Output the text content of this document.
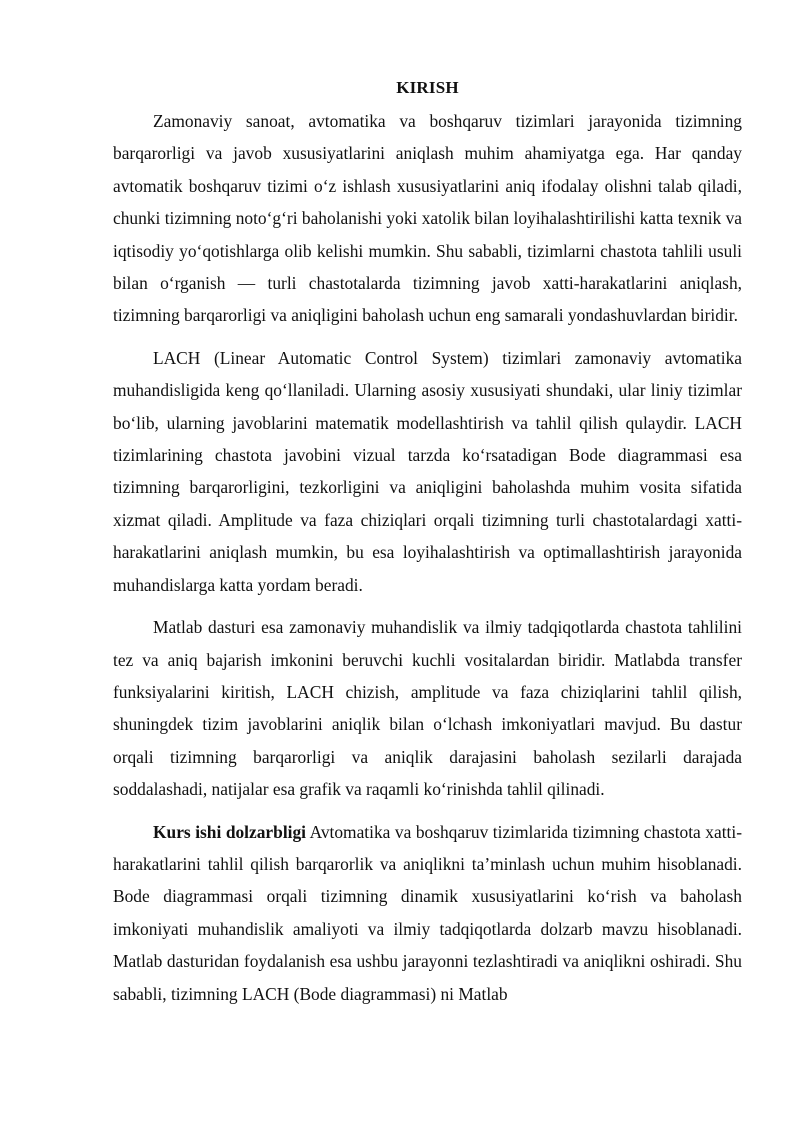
KIRISH

Zamonaviy sanoat, avtomatika va boshqaruv tizimlari jarayonida tizimning barqarorligi va javob xususiyatlarini aniqlash muhim ahamiyatga ega. Har qanday avtomatik boshqaruv tizimi o‘z ishlash xususiyatlarini aniq ifodalay olishni talab qiladi, chunki tizimning noto‘g‘ri baholanishi yoki xatolik bilan loyihalashtirilishi katta texnik va iqtisodiy yo‘qotishlarga olib kelishi mumkin. Shu sababli, tizimlarni chastota tahlili usuli bilan o‘rganish — turli chastotalarda tizimning javob xatti-harakatlarini aniqlash, tizimning barqarorligi va aniqligini baholash uchun eng samarali yondashuvlardan biridir.

LACH (Linear Automatic Control System) tizimlari zamonaviy avtomatika muhandisligida keng qo‘llaniladi. Ularning asosiy xususiyati shundaki, ular liniy tizimlar bo‘lib, ularning javoblarini matematik modellashtirish va tahlil qilish qulaydir. LACH tizimlarining chastota javobini vizual tarzda ko‘rsatadigan Bode diagrammasi esa tizimning barqarorligini, tezkorligini va aniqligini baholashda muhim vosita sifatida xizmat qiladi. Amplitude va faza chiziqlari orqali tizimning turli chastotalardagi xatti-harakatlarini aniqlash mumkin, bu esa loyihalashtirish va optimallashtirish jarayonida muhandislarga katta yordam beradi.

Matlab dasturi esa zamonaviy muhandislik va ilmiy tadqiqotlarda chastota tahlilini tez va aniq bajarish imkonini beruvchi kuchli vositalardan biridir. Matlabda transfer funksiyalarini kiritish, LACH chizish, amplitude va faza chiziqlarini tahlil qilish, shuningdek tizim javoblarini aniqlik bilan o‘lchash imkoniyatlari mavjud. Bu dastur orqali tizimning barqarorligi va aniqlik darajasini baholash sezilarli darajada soddalashadi, natijalar esa grafik va raqamli ko‘rinishda tahlil qilinadi.

Kurs ishi dolzarbligi Avtomatika va boshqaruv tizimlarida tizimning chastota xatti-harakatlarini tahlil qilish barqarorlik va aniqlikni ta’minlash uchun muhim hisoblanadi. Bode diagrammasi orqali tizimning dinamik xususiyatlarini ko‘rish va baholash imkoniyati muhandislik amaliyoti va ilmiy tadqiqotlarda dolzarb mavzu hisoblanadi. Matlab dasturidan foydalanish esa ushbu jarayonni tezlashtiradi va aniqlikni oshiradi. Shu sababli, tizimning LACH (Bode diagrammasi) ni Matlab
